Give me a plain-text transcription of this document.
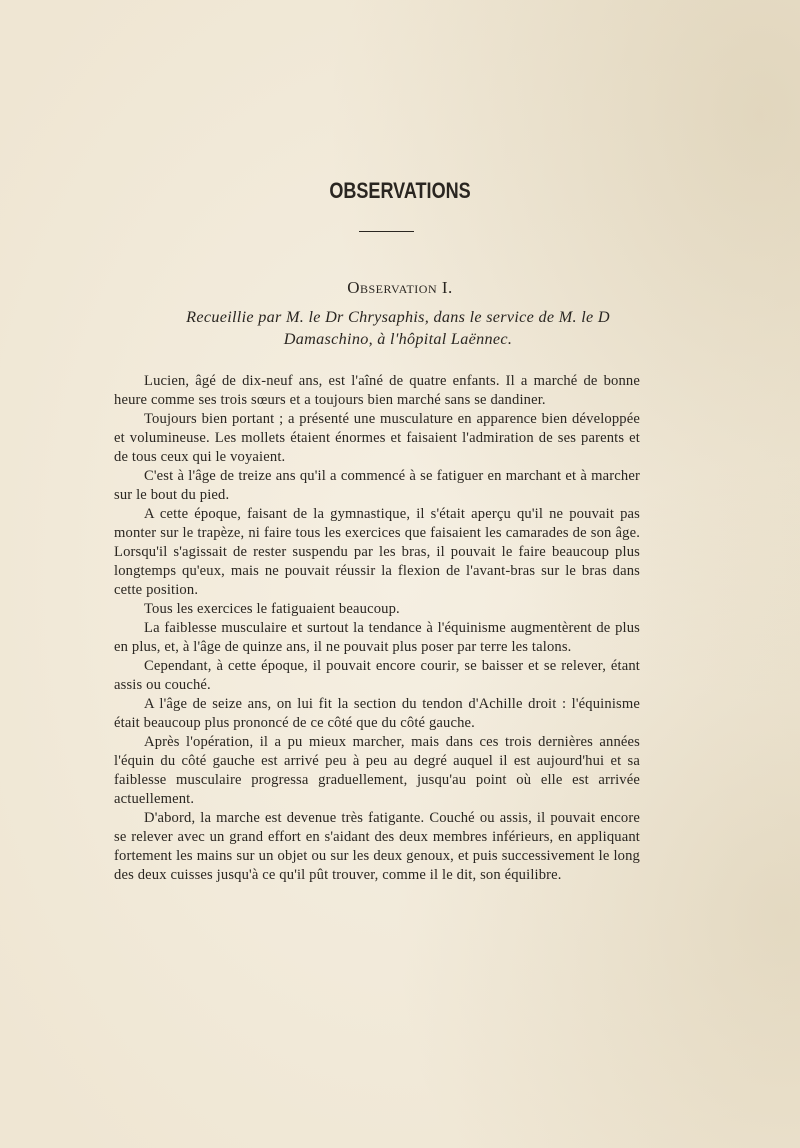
OBSERVATIONS
Observation I.
Recueillie par M. le Dr Chrysaphis, dans le service de M. le D
Damaschino, à l'hôpital Laënnec.

Lucien, âgé de dix-neuf ans, est l'aîné de quatre enfants. Il a marché de bonne heure comme ses trois sœurs et a toujours bien marché sans se dandiner.

Toujours bien portant ; a présenté une musculature en apparence bien développée et volumineuse. Les mollets étaient énormes et faisaient l'admiration de ses parents et de tous ceux qui le voyaient.

C'est à l'âge de treize ans qu'il a commencé à se fatiguer en marchant et à marcher sur le bout du pied.

A cette époque, faisant de la gymnastique, il s'était aperçu qu'il ne pouvait pas monter sur le trapèze, ni faire tous les exercices que faisaient les camarades de son âge. Lorsqu'il s'agissait de rester suspendu par les bras, il pouvait le faire beaucoup plus longtemps qu'eux, mais ne pouvait réussir la flexion de l'avant-bras sur le bras dans cette position.

Tous les exercices le fatiguaient beaucoup.

La faiblesse musculaire et surtout la tendance à l'équinisme augmentèrent de plus en plus, et, à l'âge de quinze ans, il ne pouvait plus poser par terre les talons.

Cependant, à cette époque, il pouvait encore courir, se baisser et se relever, étant assis ou couché.

A l'âge de seize ans, on lui fit la section du tendon d'Achille droit : l'équinisme était beaucoup plus prononcé de ce côté que du côté gauche.

Après l'opération, il a pu mieux marcher, mais dans ces trois dernières années l'équin du côté gauche est arrivé peu à peu au degré auquel il est aujourd'hui et sa faiblesse musculaire progressa graduellement, jusqu'au point où elle est arrivée actuellement.

D'abord, la marche est devenue très fatigante. Couché ou assis, il pouvait encore se relever avec un grand effort en s'aidant des deux membres inférieurs, en appliquant fortement les mains sur un objet ou sur les deux genoux, et puis successivement le long des deux cuisses jusqu'à ce qu'il pût trouver, comme il le dit, son équilibre.
